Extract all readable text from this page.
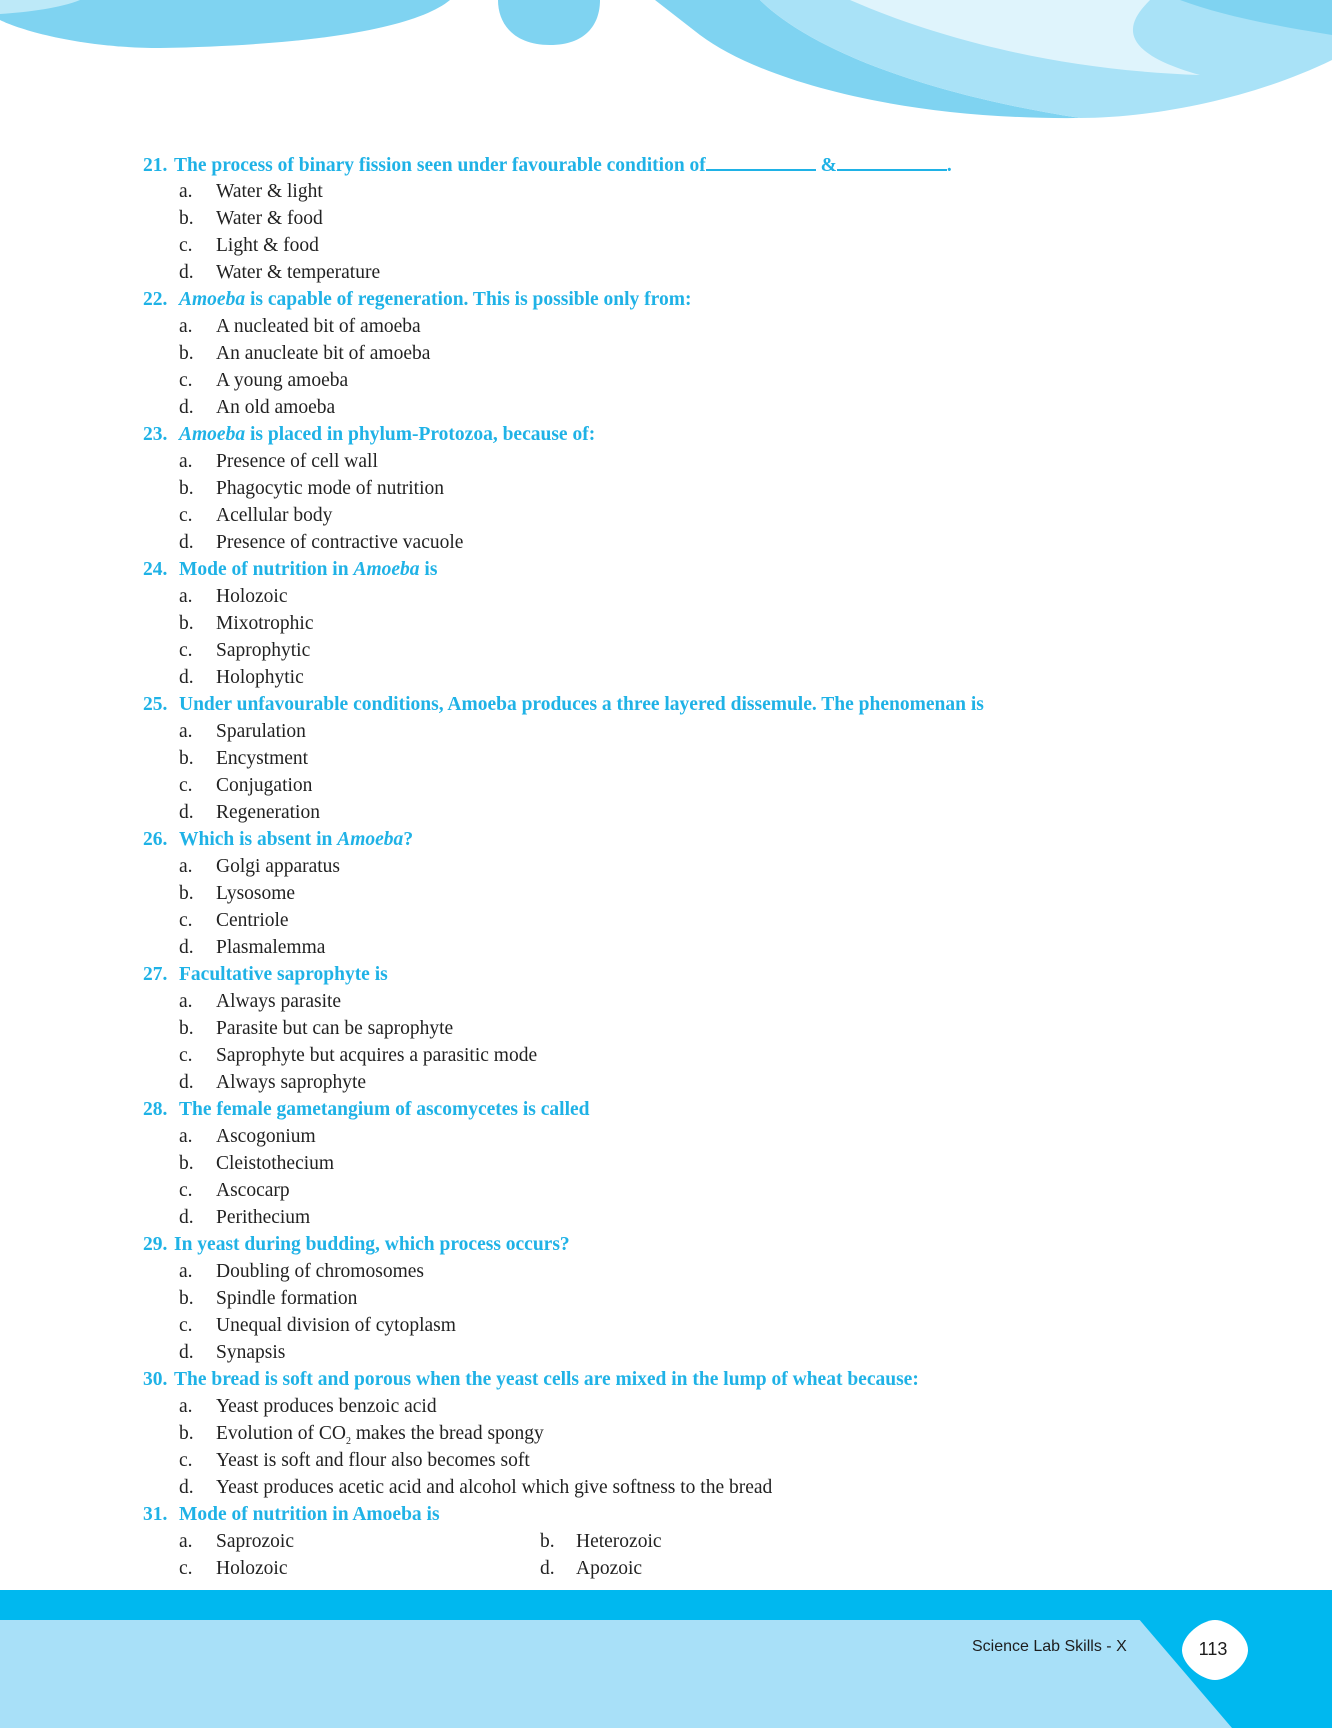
21. The process of binary fission seen under favourable condition of	&	.
a. Water & light
b. Water & food
c. Light & food
d. Water & temperature
22. Amoeba is capable of regeneration. This is possible only from:
a. A nucleated bit of amoeba
b. An anucleate bit of amoeba
c. A young amoeba
d. An old amoeba
23. Amoeba is placed in phylum-Protozoa, because of:
a. Presence of cell wall
b. Phagocytic mode of nutrition
c. Acellular body
d. Presence of contractive vacuole
24. Mode of nutrition in Amoeba is
a. Holozoic
b. Mixotrophic
c. Saprophytic
d. Holophytic
25. Under unfavourable conditions, Amoeba produces a three layered dissemule. The phenomenan is
a. Sparulation
b. Encystment
c. Conjugation
d. Regeneration
26. Which is absent in Amoeba?
a. Golgi apparatus
b. Lysosome
c. Centriole
d. Plasmalemma
27. Facultative saprophyte is
a. Always parasite
b. Parasite but can be saprophyte
c. Saprophyte but acquires a parasitic mode
d. Always saprophyte
28. The female gametangium of ascomycetes is called
a. Ascogonium
b. Cleistothecium
c. Ascocarp
d. Perithecium
29. In yeast during budding, which process occurs?
a. Doubling of chromosomes
b. Spindle formation
c. Unequal division of cytoplasm
d. Synapsis
30. The bread is soft and porous when the yeast cells are mixed in the lump of wheat because:
a. Yeast produces benzoic acid
b. Evolution of $CO_2$ makes the bread spongy
c. Yeast is soft and flour also becomes soft
d. Yeast produces acetic acid and alcohol which give softness to the bread
31. Mode of nutrition in Amoeba is
a. Saprozoic	b. Heterozoic
c. Holozoic	d. Apozoic
Science Lab Skills - X	113
